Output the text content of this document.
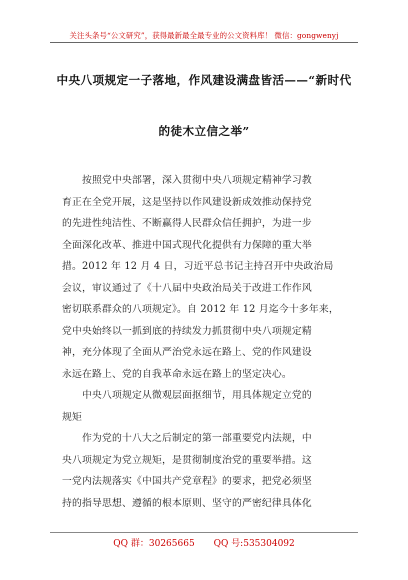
关注头条号“公文研究”，获得最新最全最专业的公文资料库！ 微信：gongwenyj
中央八项规定一子落地，作风建设满盘皆活——“新时代
的徒木立信之举”
按照党中央部署，深入贯彻中央八项规定精神学习教
育正在全党开展，这是坚持以作风建设新成效推动保持党
的先进性纯洁性、不断赢得人民群众信任拥护，为进一步
全面深化改革、推进中国式现代化提供有力保障的重大举
措。2012 年 12 月 4 日，习近平总书记主持召开中央政治局
会议，审议通过了《十八届中央政治局关于改进工作作风
密切联系群众的八项规定》。自 2012 年 12 月迄今十多年来，
党中央始终以一抓到底的持续发力抓贯彻中央八项规定精
神，充分体现了全面从严治党永远在路上、党的作风建设
永远在路上、党的自我革命永远在路上的坚定决心。
中央八项规定从微观层面抠细节，用具体规定立党的
规矩
作为党的十八大之后制定的第一部重要党内法规，中
央八项规定为党立规矩，是贯彻制度治党的重要举措。这
一党内法规落实《中国共产党章程》的要求，把党必须坚
持的指导思想、遵循的根本原则、坚守的严密纪律具体化
QQ 群：30265665 QQ 号:535304092
